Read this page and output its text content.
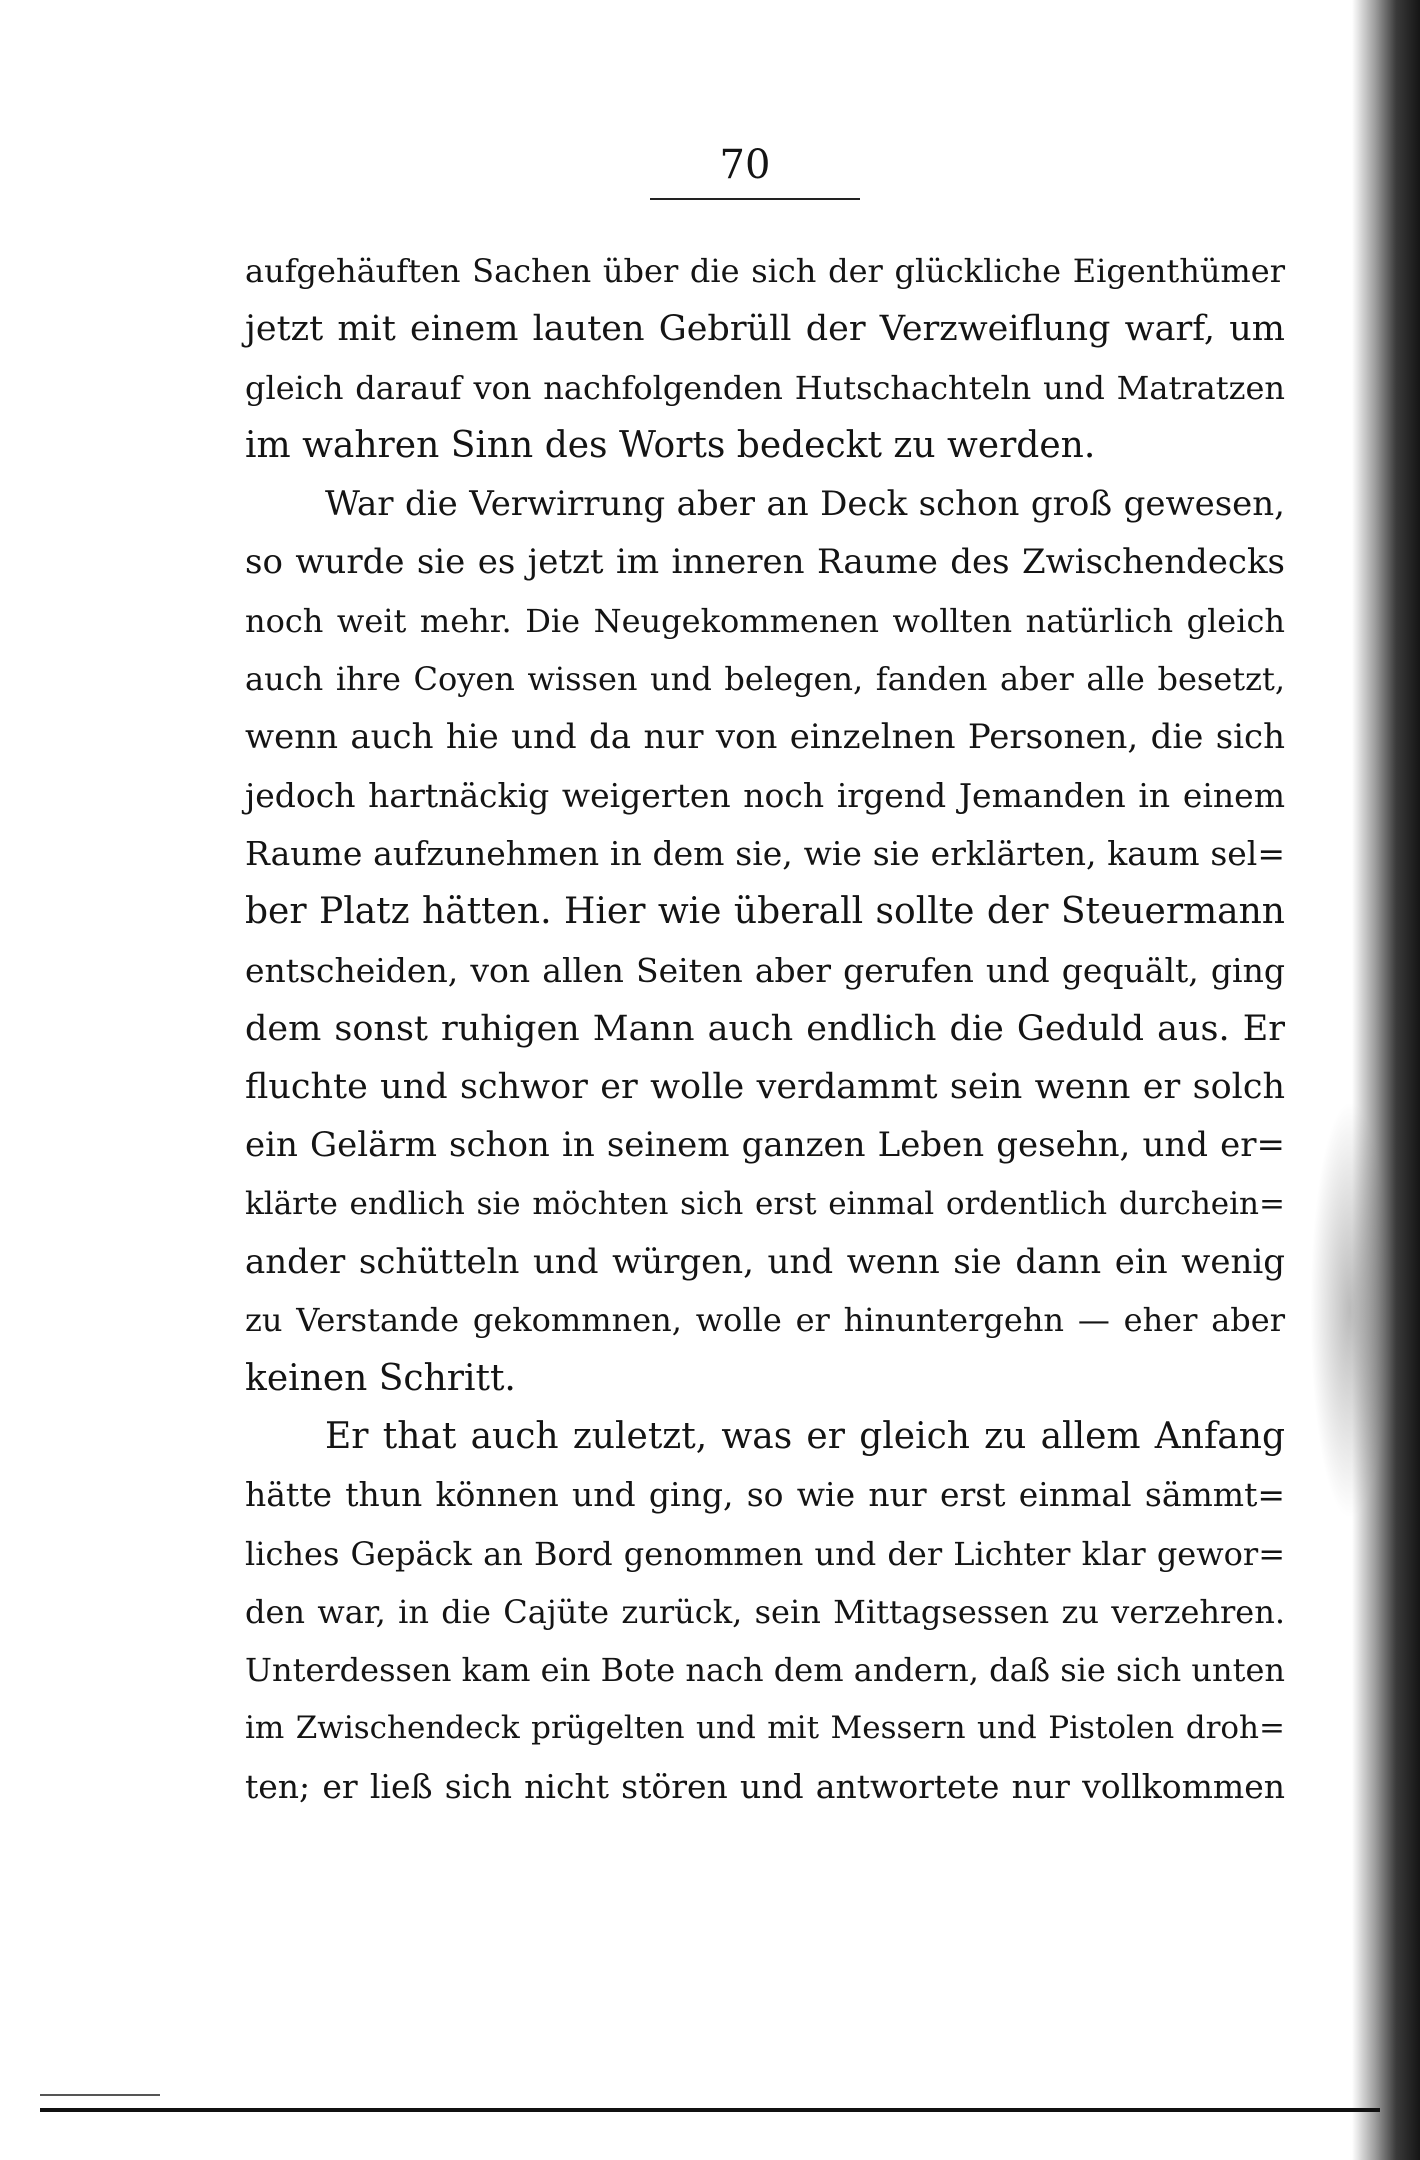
70
aufgehäuften Sachen über die sich der glückliche Eigenthümer
jetzt mit einem lauten Gebrüll der Verzweiflung warf, um
gleich darauf von nachfolgenden Hutschachteln und Matratzen
im wahren Sinn des Worts bedeckt zu werden.
War die Verwirrung aber an Deck schon groß gewesen,
so wurde sie es jetzt im inneren Raume des Zwischendecks
noch weit mehr. Die Neugekommenen wollten natürlich gleich
auch ihre Coyen wissen und belegen, fanden aber alle besetzt,
wenn auch hie und da nur von einzelnen Personen, die sich
jedoch hartnäckig weigerten noch irgend Jemanden in einem
Raume aufzunehmen in dem sie, wie sie erklärten, kaum sel=
ber Platz hätten. Hier wie überall sollte der Steuermann
entscheiden, von allen Seiten aber gerufen und gequält, ging
dem sonst ruhigen Mann auch endlich die Geduld aus. Er
fluchte und schwor er wolle verdammt sein wenn er solch
ein Gelärm schon in seinem ganzen Leben gesehn, und er=
klärte endlich sie möchten sich erst einmal ordentlich durchein=
ander schütteln und würgen, und wenn sie dann ein wenig
zu Verstande gekommnen, wolle er hinuntergehn — eher aber
keinen Schritt.
Er that auch zuletzt, was er gleich zu allem Anfang
hätte thun können und ging, so wie nur erst einmal sämmt=
liches Gepäck an Bord genommen und der Lichter klar gewor=
den war, in die Cajüte zurück, sein Mittagsessen zu verzehren.
Unterdessen kam ein Bote nach dem andern, daß sie sich unten
im Zwischendeck prügelten und mit Messern und Pistolen droh=
ten; er ließ sich nicht stören und antwortete nur vollkommen
